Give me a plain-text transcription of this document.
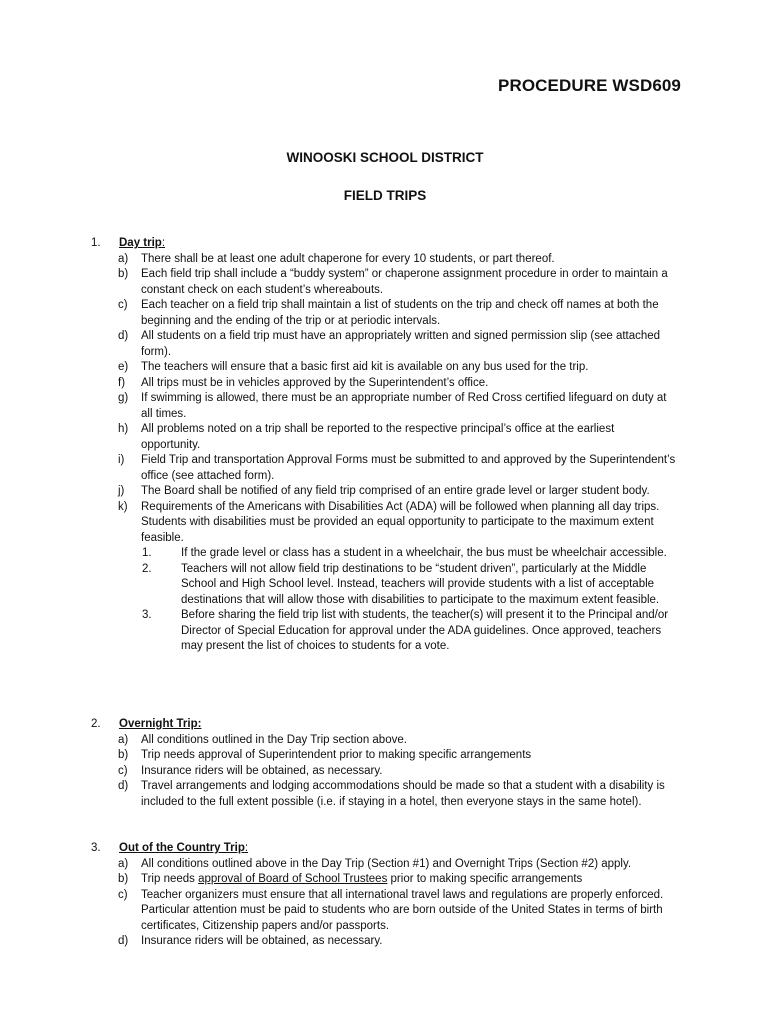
PROCEDURE WSD609
WINOOSKI SCHOOL DISTRICT
FIELD TRIPS
1. Day trip:
a) There shall be at least one adult chaperone for every 10 students, or part thereof.
b) Each field trip shall include a “buddy system” or chaperone assignment procedure in order to maintain a constant check on each student’s whereabouts.
c) Each teacher on a field trip shall maintain a list of students on the trip and check off names at both the beginning and the ending of the trip or at periodic intervals.
d) All students on a field trip must have an appropriately written and signed permission slip (see attached form).
e) The teachers will ensure that a basic first aid kit is available on any bus used for the trip.
f) All trips must be in vehicles approved by the Superintendent’s office.
g) If swimming is allowed, there must be an appropriate number of Red Cross certified lifeguard on duty at all times.
h) All problems noted on a trip shall be reported to the respective principal’s office at the earliest opportunity.
i) Field Trip and transportation Approval Forms must be submitted to and approved by the Superintendent’s office (see attached form).
j) The Board shall be notified of any field trip comprised of an entire grade level or larger student body.
k) Requirements of the Americans with Disabilities Act (ADA) will be followed when planning all day trips. Students with disabilities must be provided an equal opportunity to participate to the maximum extent feasible.
1.	If the grade level or class has a student in a wheelchair, the bus must be wheelchair accessible.
2.	Teachers will not allow field trip destinations to be “student driven”, particularly at the Middle School and High School level. Instead, teachers will provide students with a list of acceptable destinations that will allow those with disabilities to participate to the maximum extent feasible.
3.	Before sharing the field trip list with students, the teacher(s) will present it to the Principal and/or Director of Special Education for approval under the ADA guidelines. Once approved, teachers may present the list of choices to students for a vote.
2. Overnight Trip:
a) All conditions outlined in the Day Trip section above.
b) Trip needs approval of Superintendent prior to making specific arrangements
c) Insurance riders will be obtained, as necessary.
d) Travel arrangements and lodging accommodations should be made so that a student with a disability is included to the full extent possible (i.e. if staying in a hotel, then everyone stays in the same hotel).
3. Out of the Country Trip:
a) All conditions outlined above in the Day Trip (Section #1) and Overnight Trips (Section #2) apply.
b) Trip needs approval of Board of School Trustees prior to making specific arrangements
c) Teacher organizers must ensure that all international travel laws and regulations are properly enforced. Particular attention must be paid to students who are born outside of the United States in terms of birth certificates, Citizenship papers and/or passports.
d) Insurance riders will be obtained, as necessary.
